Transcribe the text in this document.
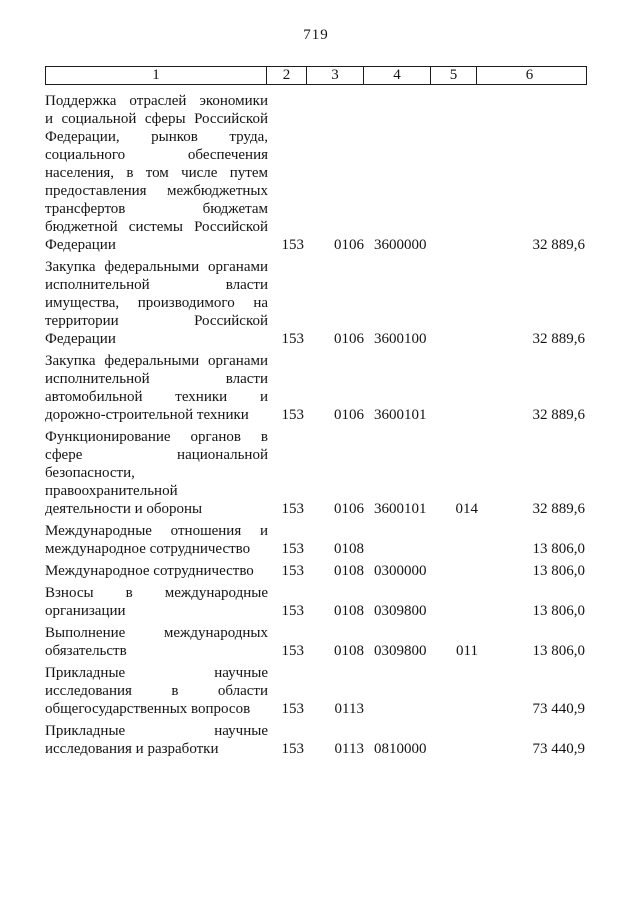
719
1	2	3	4	5	6
Поддержка отраслей экономики
и социальной сферы Российской
Федерации, рынков труда,
социального обеспечения
населения, в том числе путем
предоставления межбюджетных
трансфертов бюджетам
бюджетной системы Российской
Федерации	153	0106 3600000	32 889,6
Закупка федеральными органами
исполнительной власти
имущества, производимого на
территории Российской
Федерации	153	0106 3600100	32 889,6
Закупка федеральными органами
исполнительной власти
автомобильной техники и
дорожно-строительной техники	153	0106 3600101	32 889,6
Функционирование органов в
сфере национальной
безопасности,
правоохранительной
деятельности и обороны	153	0106 3600101	014	32 889,6
Международные отношения и
международное сотрудничество	153	0108	13 806,0
Международное сотрудничество	153	0108 0300000	13 806,0
Взносы в международные
организации	153	0108 0309800	13 806,0
Выполнение международных
обязательств	153	0108 0309800	011	13 806,0
Прикладные научные
исследования в области
общегосударственных вопросов	153	0113	73 440,9
Прикладные научные
исследования и разработки	153	0113 0810000	73 440,9
